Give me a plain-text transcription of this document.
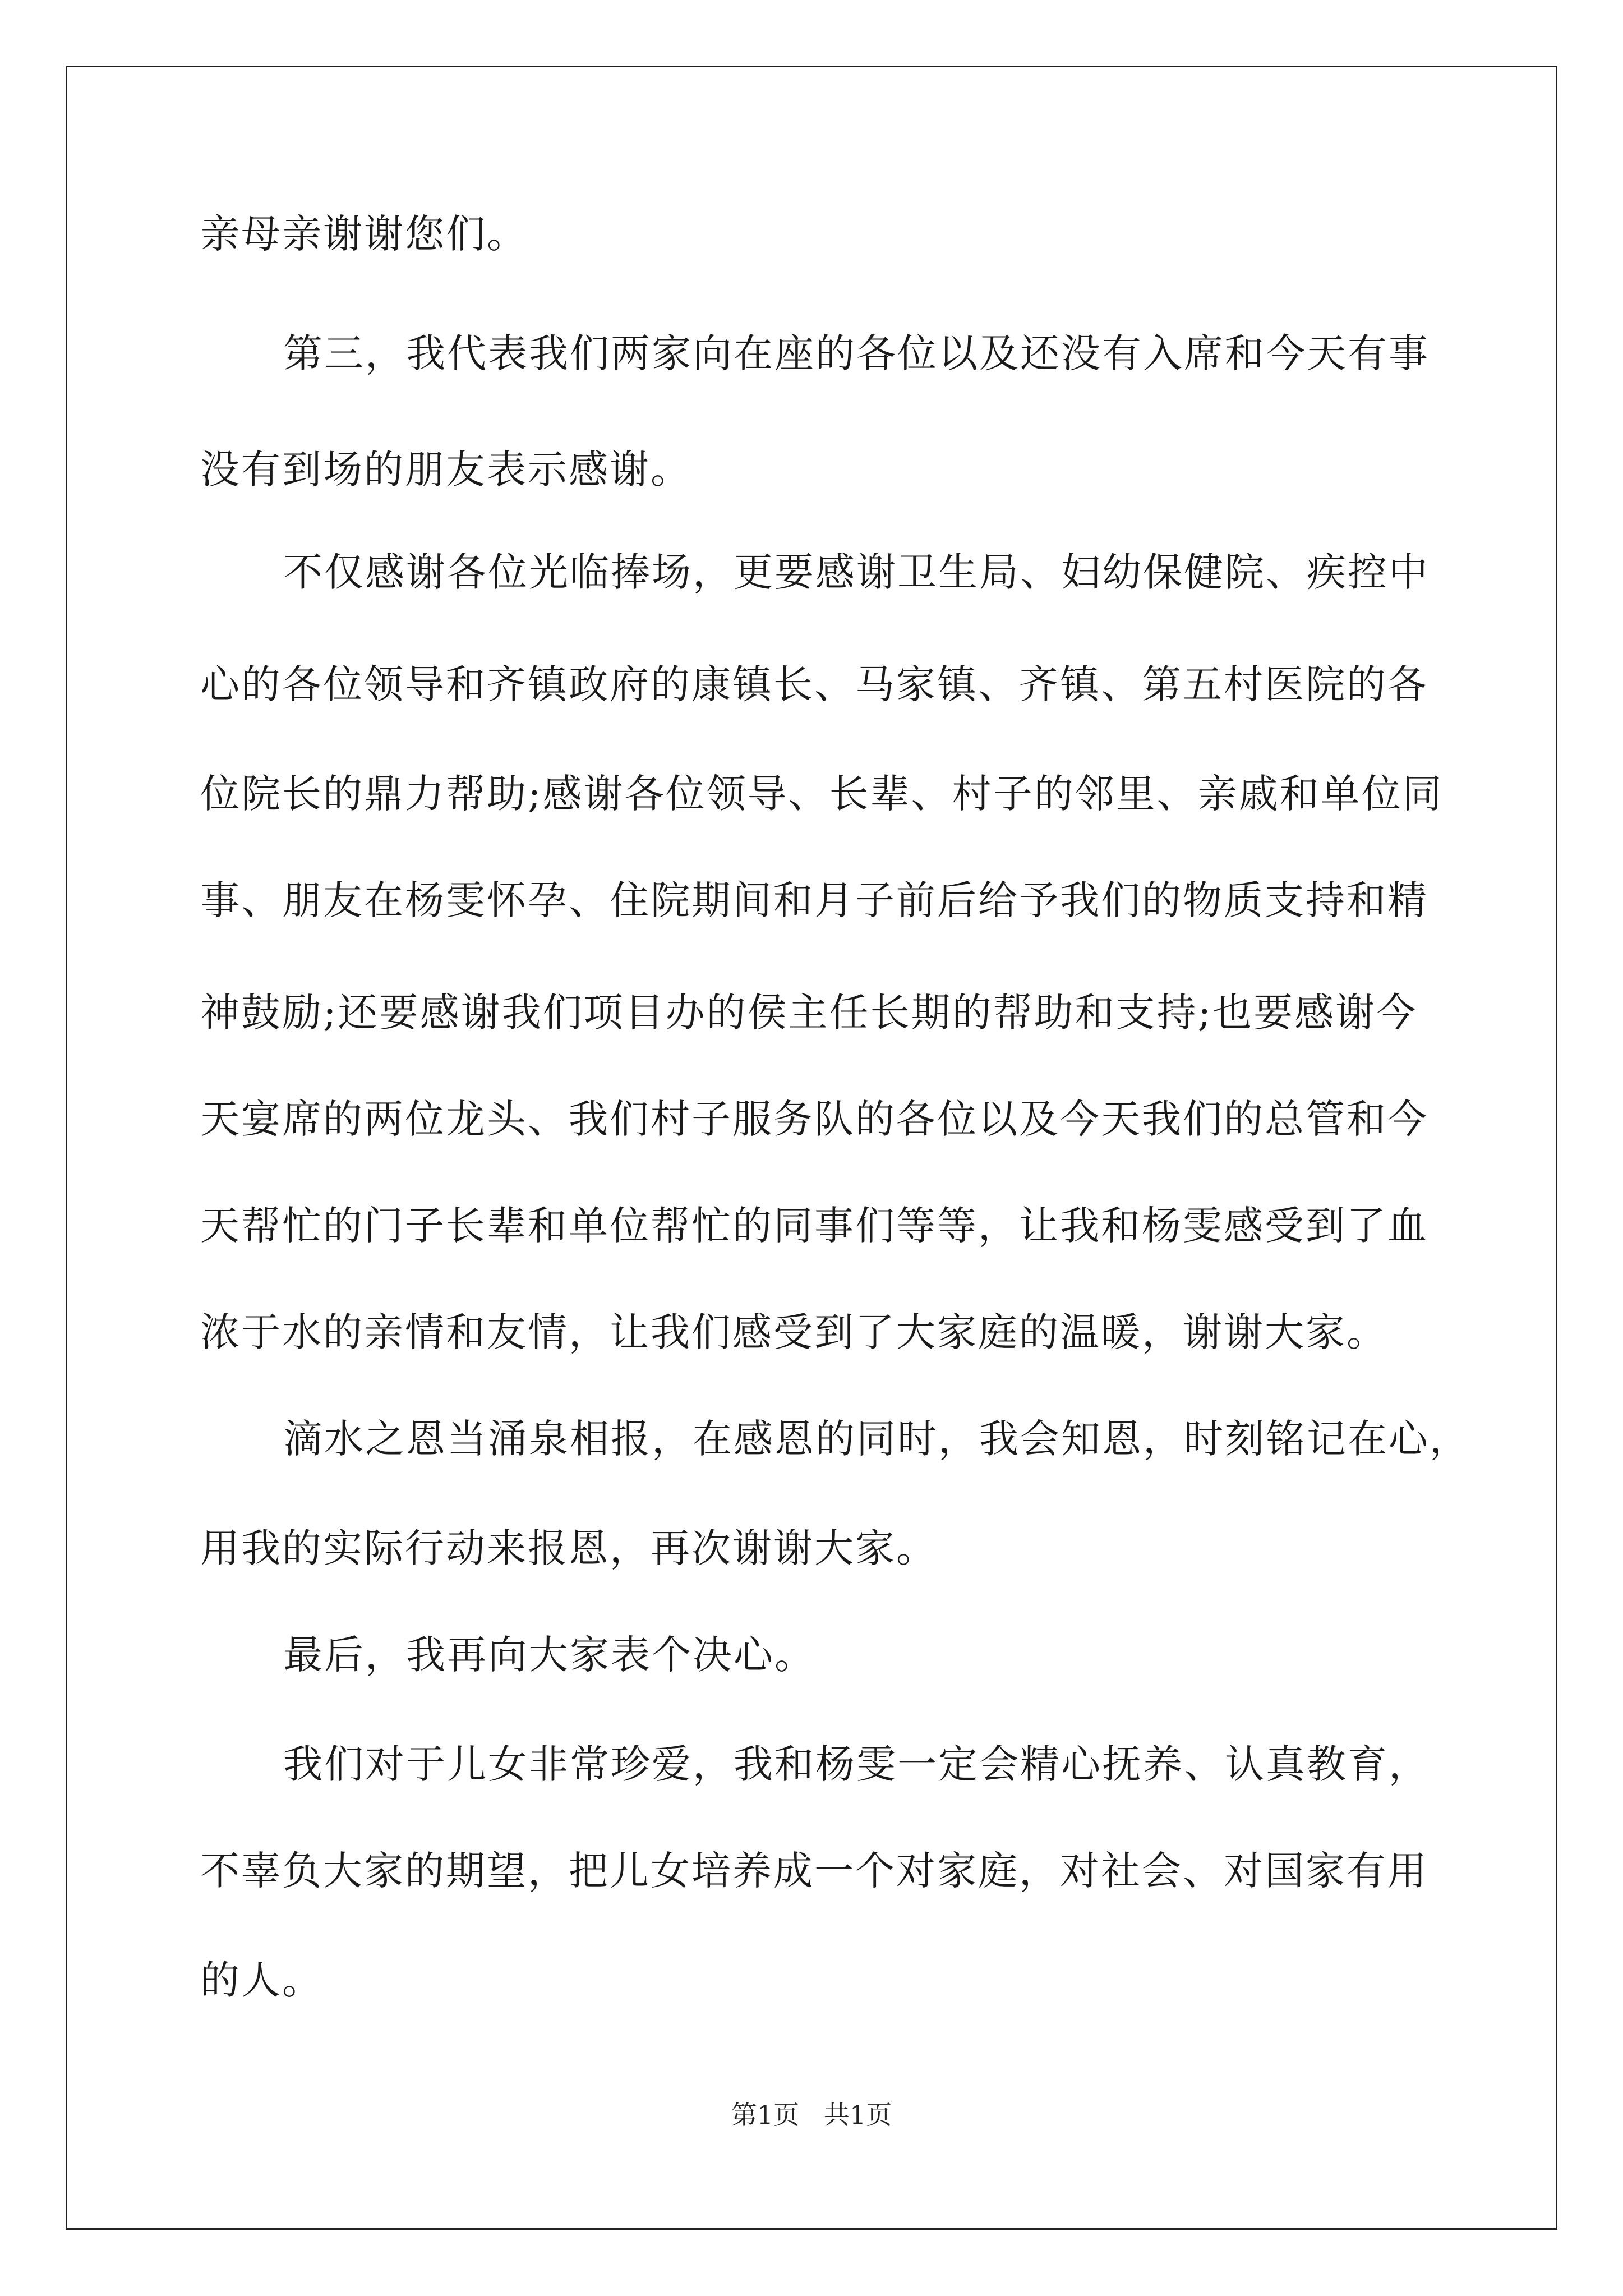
亲母亲谢谢您们。
第三，我代表我们两家向在座的各位以及还没有入席和今天有事
没有到场的朋友表示感谢。
不仅感谢各位光临捧场，更要感谢卫生局、妇幼保健院、疾控中
心的各位领导和齐镇政府的康镇长、马家镇、齐镇、第五村医院的各
位院长的鼎力帮助;感谢各位领导、长辈、村子的邻里、亲戚和单位同
事、朋友在杨雯怀孕、住院期间和月子前后给予我们的物质支持和精
神鼓励;还要感谢我们项目办的侯主任长期的帮助和支持;也要感谢今
天宴席的两位龙头、我们村子服务队的各位以及今天我们的总管和今
天帮忙的门子长辈和单位帮忙的同事们等等，让我和杨雯感受到了血
浓于水的亲情和友情，让我们感受到了大家庭的温暖，谢谢大家。
滴水之恩当涌泉相报，在感恩的同时，我会知恩，时刻铭记在心，
用我的实际行动来报恩，再次谢谢大家。
最后，我再向大家表个决心。
我们对于儿女非常珍爱，我和杨雯一定会精心抚养、认真教育，
不辜负大家的期望，把儿女培养成一个对家庭，对社会、对国家有用
的人。
第1页   共1页
